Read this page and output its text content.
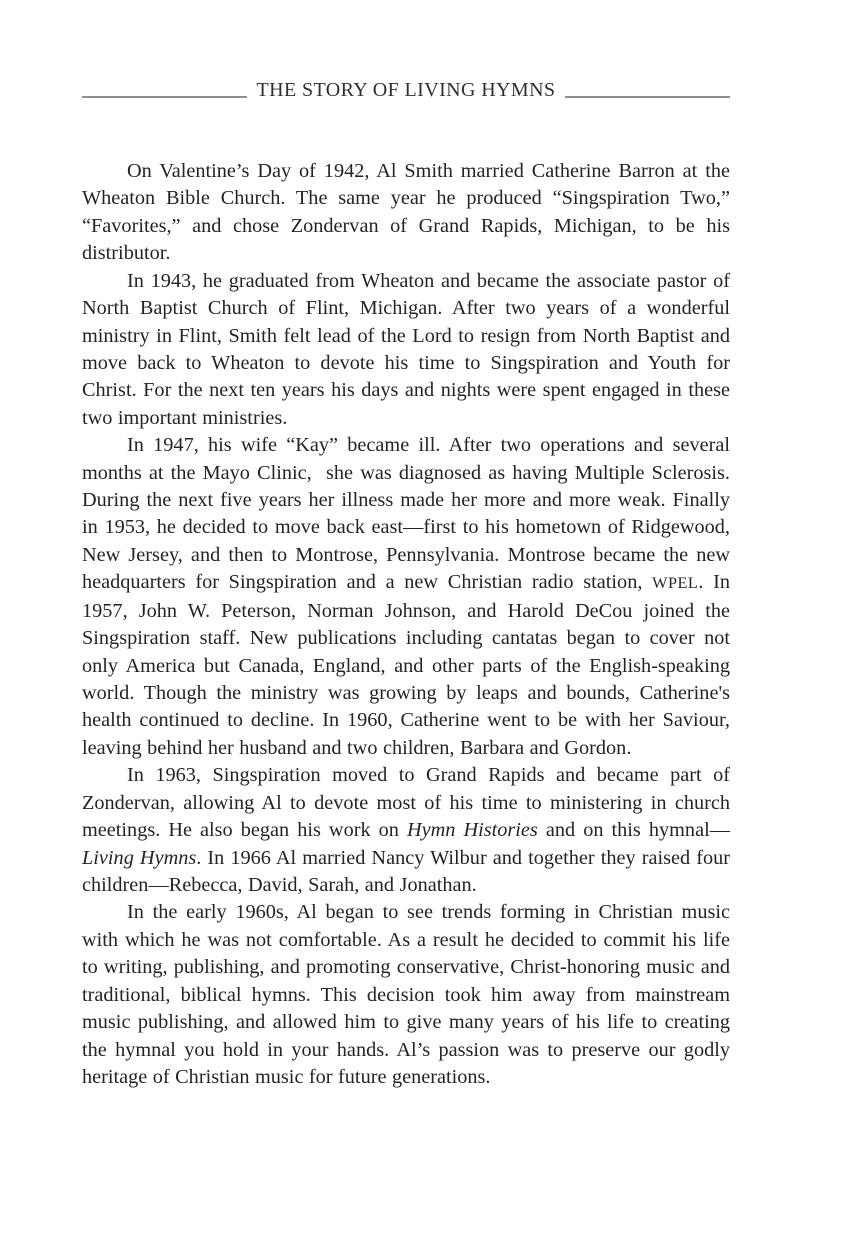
THE STORY OF LIVING HYMNS

On Valentine’s Day of 1942, Al Smith married Catherine Barron at the Wheaton Bible Church. The same year he produced “Singspiration Two,” “Favorites,” and chose Zondervan of Grand Rapids, Michigan, to be his distributor.

In 1943, he graduated from Wheaton and became the associate pastor of North Baptist Church of Flint, Michigan. After two years of a wonderful ministry in Flint, Smith felt lead of the Lord to resign from North Baptist and move back to Wheaton to devote his time to Singspiration and Youth for Christ. For the next ten years his days and nights were spent engaged in these two important ministries.

In 1947, his wife “Kay” became ill. After two operations and several months at the Mayo Clinic,  she was diagnosed as having Multiple Sclerosis. During the next five years her illness made her more and more weak. Finally in 1953, he decided to move back east—first to his hometown of Ridgewood, New Jersey, and then to Montrose, Pennsylvania. Montrose became the new headquarters for Singspiration and a new Christian radio station, WPEL. In 1957, John W. Peterson, Norman Johnson, and Harold DeCou joined the Singspiration staff. New publications including cantatas began to cover not only America but Canada, England, and other parts of the English-speaking world. Though the ministry was growing by leaps and bounds, Catherine's health continued to decline. In 1960, Catherine went to be with her Saviour, leaving behind her husband and two children, Barbara and Gordon.

In 1963, Singspiration moved to Grand Rapids and became part of Zondervan, allowing Al to devote most of his time to ministering in church meetings. He also began his work on Hymn Histories and on this hymnal—Living Hymns. In 1966 Al married Nancy Wilbur and together they raised four children—Rebecca, David, Sarah, and Jonathan.

In the early 1960s, Al began to see trends forming in Christian music with which he was not comfortable. As a result he decided to commit his life to writing, publishing, and promoting conservative, Christ-honoring music and traditional, biblical hymns. This decision took him away from mainstream music publishing, and allowed him to give many years of his life to creating the hymnal you hold in your hands. Al’s passion was to preserve our godly heritage of Christian music for future generations.
